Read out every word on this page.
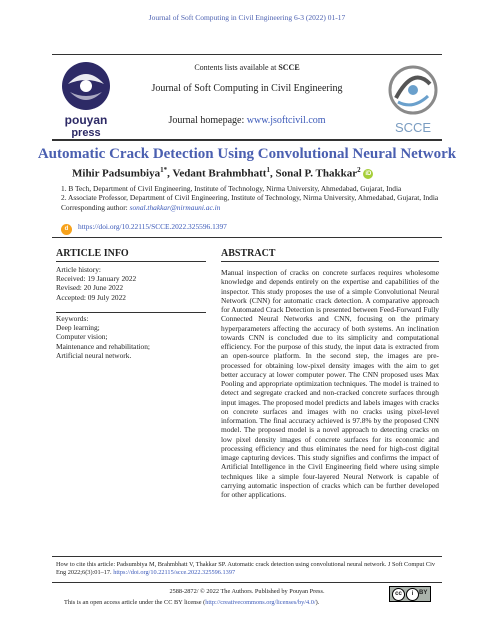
Journal of Soft Computing in Civil Engineering 6-3 (2022) 01-17
pouyan
press	SCCE
Contents lists available at SCCE
Journal of Soft Computing in Civil Engineering
Journal homepage: www.jsoftcivil.com
Automatic Crack Detection Using Convolutional Neural Network
Mihir Padsumbiya$^{1*}$, Vedant Brahmbhatt$^1$, Sonal P. Thakkar$^2$ iD
1. B Tech, Department of Civil Engineering, Institute of Technology, Nirma University, Ahmedabad, Gujarat, India
2. Associate Professor, Department of Civil Engineering, Institute of Technology, Nirma University, Ahmedabad, Gujarat, India
Corresponding author: sonal.thakkar@nirmauni.ac.in
d https://doi.org/10.22115/SCCE.2022.325596.1397
ARTICLE INFO
Article history:
Received: 19 January 2022
Revised: 20 June 2022
Accepted: 09 July 2022
Keywords:
Deep learning;
Computer vision;
Maintenance and rehabilitation;
Artificial neural network.
ABSTRACT
Manual inspection of cracks on concrete surfaces requires wholesome knowledge and depends entirely on the expertise and capabilities of the inspector. This study proposes the use of a simple Convolutional Neural Network (CNN) for automatic crack detection. A comparative approach for Automated Crack Detection is presented between Feed-Forward Fully Connected Neural Networks and CNN, focusing on the primary hyperparameters affecting the accuracy of both systems. An inclination towards CNN is concluded due to its simplicity and computational efficiency. For the purpose of this study, the input data is extracted from an open-source platform. In the second step, the images are pre-processed for obtaining low-pixel density images with the aim to get better accuracy at lower computer power. The CNN proposed uses Max Pooling and appropriate optimization techniques. The model is trained to detect and segregate cracked and non-cracked concrete surfaces through input images. The proposed model predicts and labels images with cracks on concrete surfaces and images with no cracks using pixel-level information. The final accuracy achieved is 97.8% by the proposed CNN model. The proposed model is a novel approach to detecting cracks on low pixel density images of concrete surfaces for its economic and processing efficiency and thus eliminates the need for high-cost digital image capturing devices. This study signifies and confirms the impact of Artificial Intelligence in the Civil Engineering field where using simple techniques like a simple four-layered Neural Network is capable of carrying automatic inspection of cracks which can be further developed for other applications.
How to cite this article: Padsumbiya M, Brahmbhatt V, Thakkar SP. Automatic crack detection using convolutional neural network. J Soft Comput Civ Eng 2022;6(3):01–17. https://doi.org/10.22115/scce.2022.325596.1397
2588-2872/ © 2022 The Authors. Published by Pouyan Press.
This is an open access article under the CC BY license (http://creativecommons.org/licenses/by/4.0/).
cc	i BY
